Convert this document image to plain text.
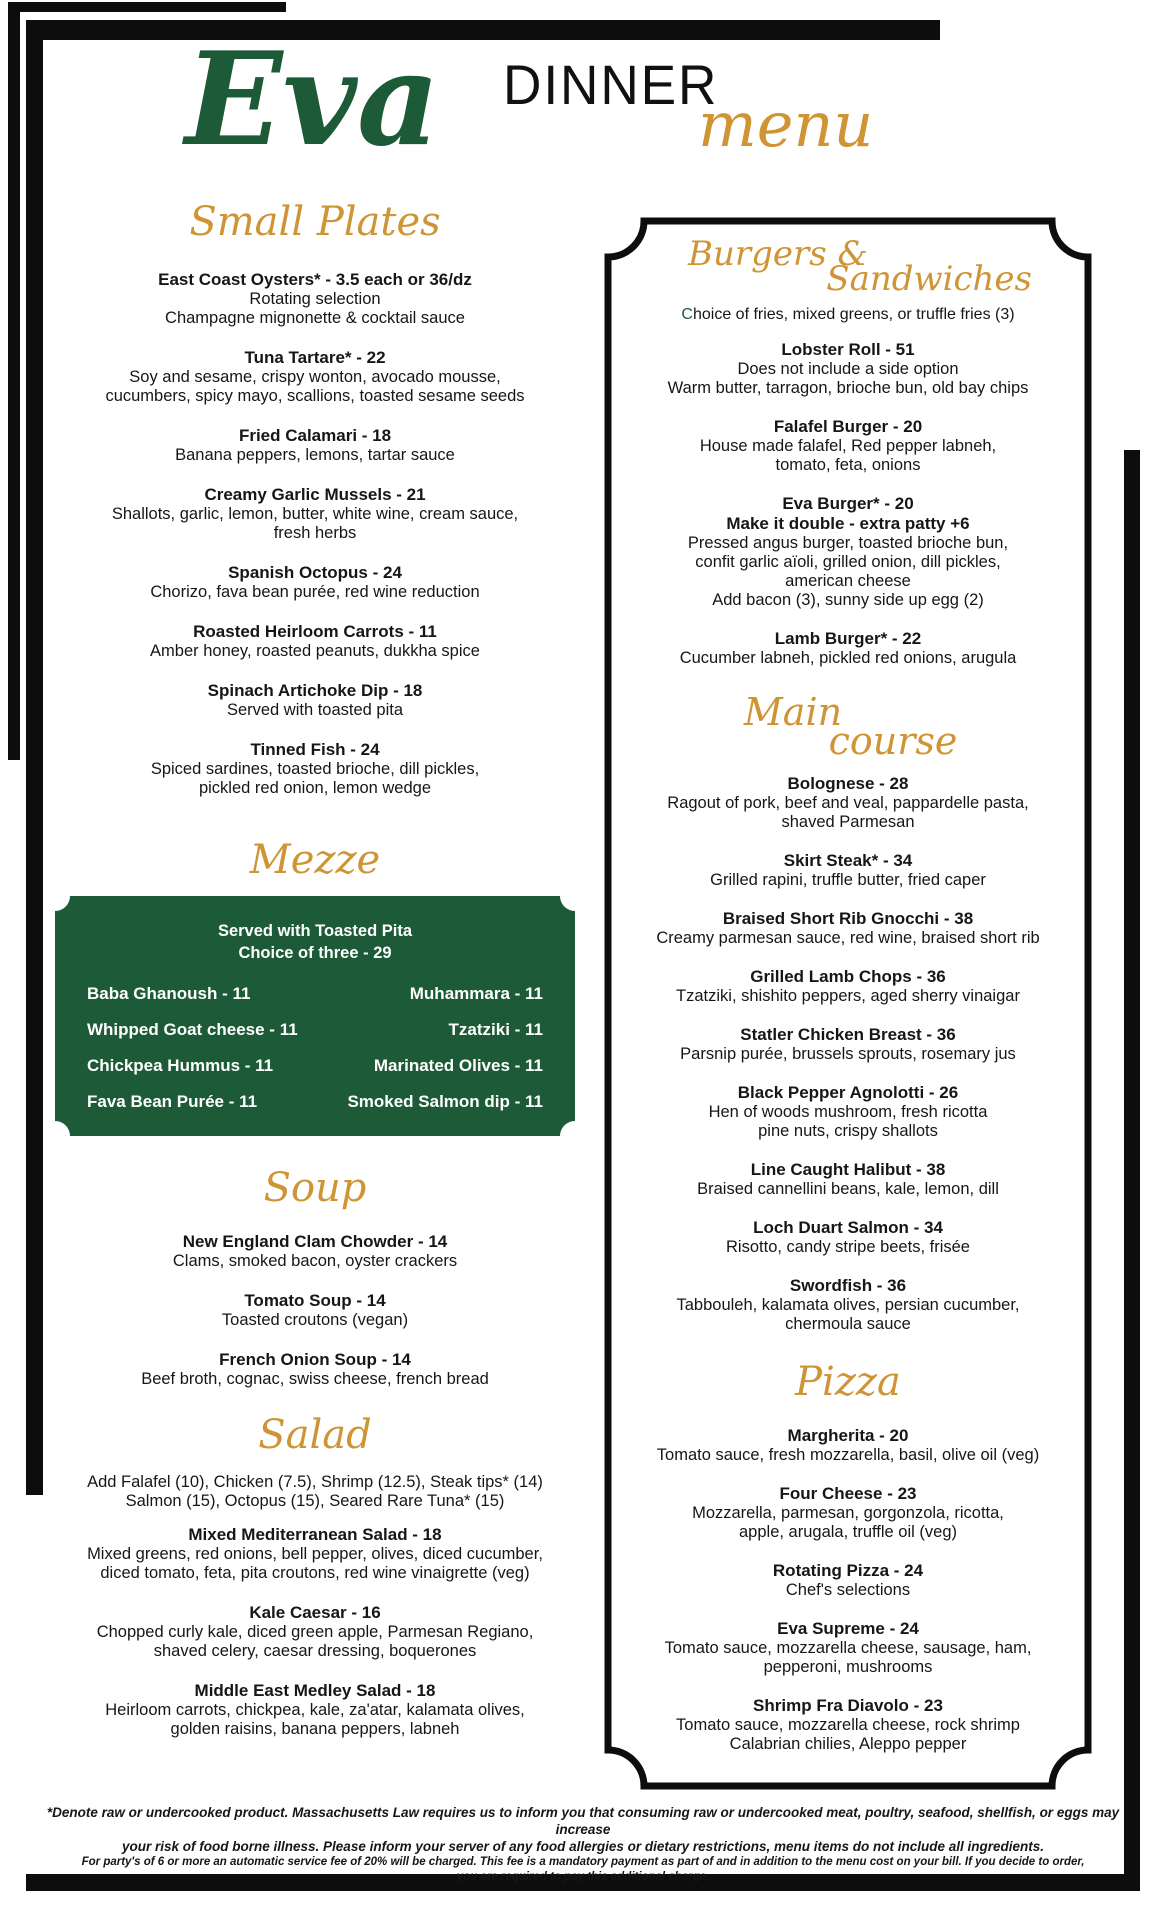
Eva DINNER
menu
Small Plates
East Coast Oysters* - 3.5 each or 36/dz
Rotating selection
Champagne mignonette & cocktail sauce
Tuna Tartare* - 22
Soy and sesame, crispy wonton, avocado mousse,
cucumbers, spicy mayo, scallions, toasted sesame seeds
Fried Calamari - 18
Banana peppers, lemons, tartar sauce
Creamy Garlic Mussels - 21
Shallots, garlic, lemon, butter, white wine, cream sauce,
fresh herbs
Spanish Octopus - 24
Chorizo, fava bean purée, red wine reduction
Roasted Heirloom Carrots - 11
Amber honey, roasted peanuts, dukkha spice
Spinach Artichoke Dip - 18
Served with toasted pita
Tinned Fish - 24
Spiced sardines, toasted brioche, dill pickles,
pickled red onion, lemon wedge
Mezze
Served with Toasted Pita
Choice of three - 29
Baba Ghanoush - 11
Whipped Goat cheese - 11
Chickpea Hummus - 11
Fava Bean Purée - 11
Muhammara - 11
Tzatziki - 11
Marinated Olives - 11
Smoked Salmon dip - 11
Soup
New England Clam Chowder - 14
Clams, smoked bacon, oyster crackers
Tomato Soup - 14
Toasted croutons (vegan)
French Onion Soup - 14
Beef broth, cognac, swiss cheese, french bread
Salad
Add Falafel (10), Chicken (7.5), Shrimp (12.5), Steak tips* (14)
Salmon (15), Octopus (15), Seared Rare Tuna* (15)
Mixed Mediterranean Salad - 18
Mixed greens, red onions, bell pepper, olives, diced cucumber,
diced tomato, feta, pita croutons, red wine vinaigrette (veg)
Kale Caesar - 16
Chopped curly kale, diced green apple, Parmesan Regiano,
shaved celery, caesar dressing, boquerones
Middle East Medley Salad - 18
Heirloom carrots, chickpea, kale, za'atar, kalamata olives,
golden raisins, banana peppers, labneh
Burgers &
Sandwiches
Choice of fries, mixed greens, or truffle fries (3)
Lobster Roll - 51
Does not include a side option
Warm butter, tarragon, brioche bun, old bay chips
Falafel Burger - 20
House made falafel, Red pepper labneh,
tomato, feta, onions
Eva Burger* - 20
Make it double - extra patty +6
Pressed angus burger, toasted brioche bun,
confit garlic aïoli, grilled onion, dill pickles,
american cheese
Add bacon (3), sunny side up egg (2)
Lamb Burger* - 22
Cucumber labneh, pickled red onions, arugula
Main
course
Bolognese - 28
Ragout of pork, beef and veal, pappardelle pasta,
shaved Parmesan
Skirt Steak* - 34
Grilled rapini, truffle butter, fried caper
Braised Short Rib Gnocchi - 38
Creamy parmesan sauce, red wine, braised short rib
Grilled Lamb Chops - 36
Tzatziki, shishito peppers, aged sherry vinaigar
Statler Chicken Breast - 36
Parsnip purée, brussels sprouts, rosemary jus
Black Pepper Agnolotti - 26
Hen of woods mushroom, fresh ricotta
pine nuts, crispy shallots
Line Caught Halibut - 38
Braised cannellini beans, kale, lemon, dill
Loch Duart Salmon - 34
Risotto, candy stripe beets, frisée
Swordfish - 36
Tabbouleh, kalamata olives, persian cucumber,
chermoula sauce
Pizza
Margherita - 20
Tomato sauce, fresh mozzarella, basil, olive oil (veg)
Four Cheese - 23
Mozzarella, parmesan, gorgonzola, ricotta,
apple, arugala, truffle oil (veg)
Rotating Pizza - 24
Chef's selections
Eva Supreme - 24
Tomato sauce, mozzarella cheese, sausage, ham,
pepperoni, mushrooms
Shrimp Fra Diavolo - 23
Tomato sauce, mozzarella cheese, rock shrimp
Calabrian chilies, Aleppo pepper
*Denote raw or undercooked product. Massachusetts Law requires us to inform you that consuming raw or undercooked meat, poultry, seafood, shellfish, or eggs may increase
your risk of food borne illness. Please inform your server of any food allergies or dietary restrictions, menu items do not include all ingredients.
For party's of 6 or more an automatic service fee of 20% will be charged. This fee is a mandatory payment as part of and in addition to the menu cost on your bill. If you decide to order,
you are required to pay this additional charge.
